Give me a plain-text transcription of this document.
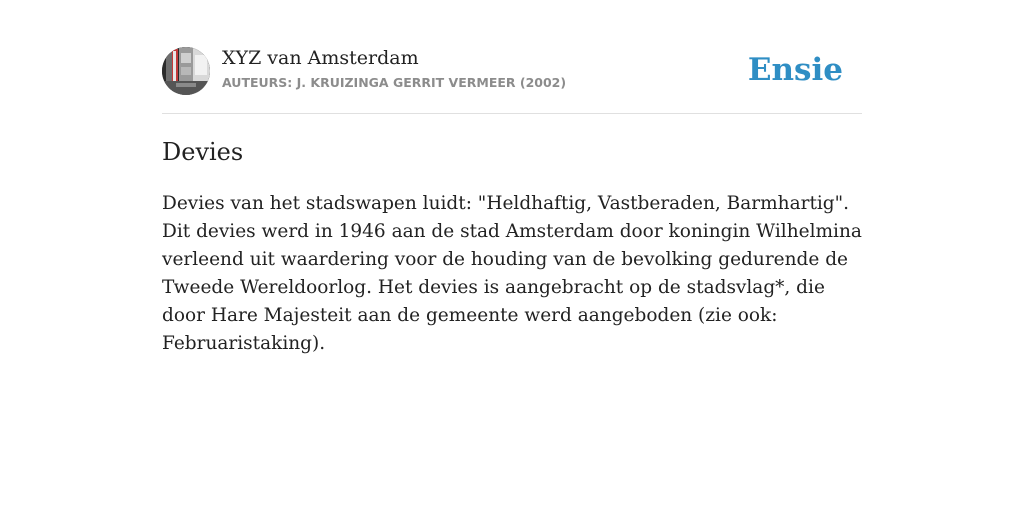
XYZ van Amsterdam
AUTEURS: J. KRUIZINGA GERRIT VERMEER (2002)	Ensie
Devies

Devies van het stadswapen luidt: "Heldhaftig, Vastberaden, Barmhartig". Dit devies werd in 1946 aan de stad Amsterdam door koningin Wilhelmina verleend uit waardering voor de houding van de bevolking gedurende de Tweede Wereldoorlog. Het devies is aangebracht op de stadsvlag*, die door Hare Majesteit aan de gemeente werd aangeboden (zie ook: Februaristaking).
